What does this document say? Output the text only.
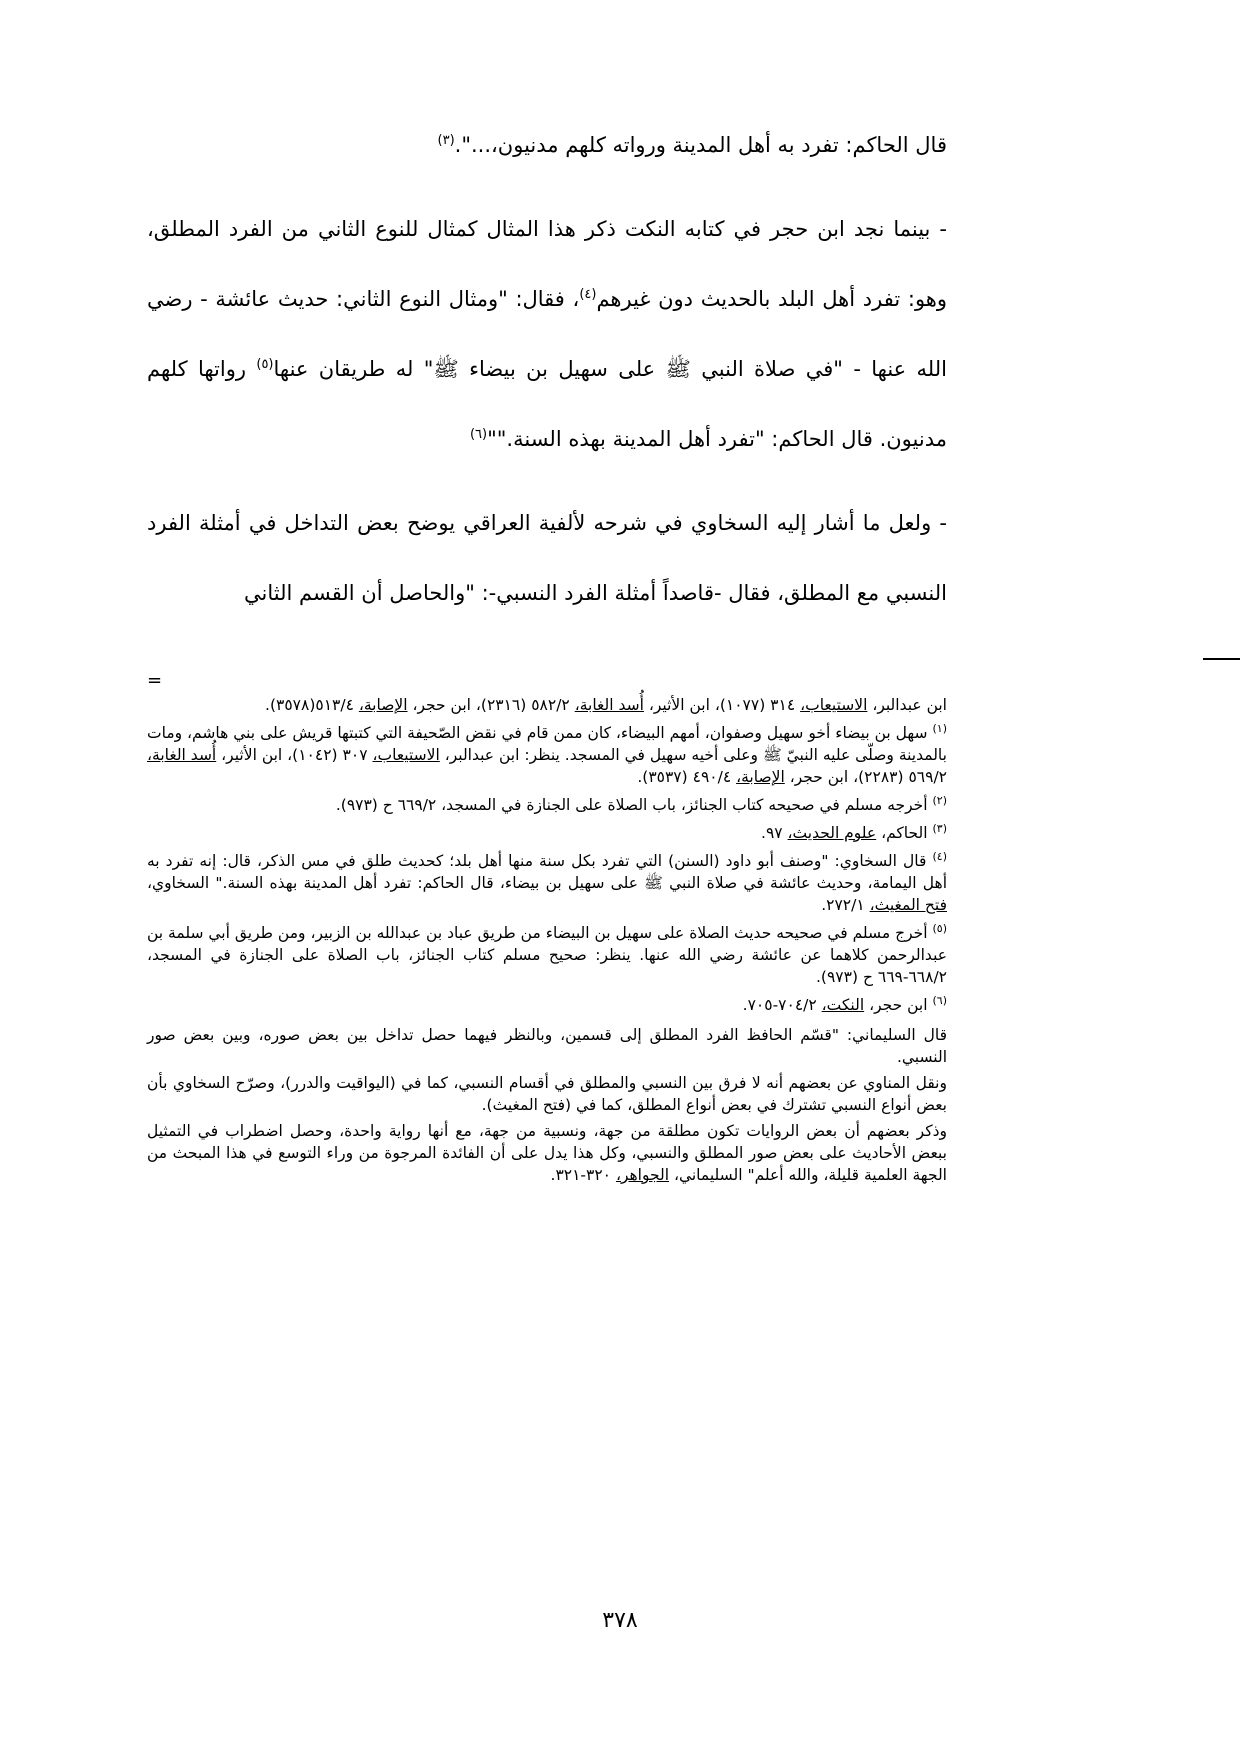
قال الحاكم: تفرد به أهل المدينة ورواته كلهم مدنيون،...".$^{(٣)}$

- بينما نجد ابن حجر في كتابه النكت ذكر هذا المثال كمثال للنوع الثاني من الفرد المطلق، وهو: تفرد أهل البلد بالحديث دون غيرهم$^{(٤)}$، فقال: "ومثال النوع الثاني: حديث عائشة - رضي الله عنها - "في صلاة النبي ﷺ على سهيل بن بيضاء ﷺ" له طريقان عنها$^{(٥)}$ رواتها كلهم مدنيون. قال الحاكم: "تفرد أهل المدينة بهذه السنة.""$^{(٦)}$

- ولعل ما أشار إليه السخاوي في شرحه لألفية العراقي يوضح بعض التداخل في أمثلة الفرد النسبي مع المطلق، فقال -قاصداً أمثلة الفرد النسبي-: "والحاصل أن القسم الثاني

=

ابن عبدالبر، الاستيعاب، ٣١٤ (١٠٧٧)، ابن الأثير، أُسد الغابة، ٥٨٢/٢ (٢٣١٦)، ابن حجر، الإصابة، ٥١٣/٤(٣٥٧٨).

$^{(١)}$ سهل بن بيضاء أخو سهيل وصفوان، أمهم البيضاء، كان ممن قام في نقض الصّحيفة التي كتبتها قريش على بني هاشم، ومات بالمدينة وصلّى عليه النبيّ ﷺ وعلى أخيه سهيل في المسجد. ينظر: ابن عبدالبر، الاستيعاب، ٣٠٧ (١٠٤٢)، ابن الأثير، أُسد الغابة، ٥٦٩/٢ (٢٢٨٣)، ابن حجر، الإصابة، ٤٩٠/٤ (٣٥٣٧).

$^{(٢)}$ أخرجه مسلم في صحيحه كتاب الجنائز، باب الصلاة على الجنازة في المسجد، ٦٦٩/٢ ح (٩٧٣).

$^{(٣)}$ الحاكم، علوم الحديث، ٩٧.

$^{(٤)}$ قال السخاوي: "وصنف أبو داود (السنن) التي تفرد بكل سنة منها أهل بلد؛ كحديث طلق في مس الذكر، قال: إنه تفرد به أهل اليمامة، وحديث عائشة في صلاة النبي ﷺ على سهيل بن بيضاء، قال الحاكم: تفرد أهل المدينة بهذه السنة." السخاوي، فتح المغيث، ٢٧٢/١.

$^{(٥)}$ أخرج مسلم في صحيحه حديث الصلاة على سهيل بن البيضاء من طريق عباد بن عبدالله بن الزبير، ومن طريق أبي سلمة بن عبدالرحمن كلاهما عن عائشة رضي الله عنها. ينظر: صحيح مسلم كتاب الجنائز، باب الصلاة على الجنازة في المسجد، ٦٦٨/٢-٦٦٩ ح (٩٧٣).

$^{(٦)}$ ابن حجر، النكت، ٧٠٤/٢-٧٠٥.

قال السليماني: "قسّم الحافظ الفرد المطلق إلى قسمين، وبالنظر فيهما حصل تداخل بين بعض صوره، وبين بعض صور النسبي.

ونقل المناوي عن بعضهم أنه لا فرق بين النسبي والمطلق في أقسام النسبي، كما في (اليواقيت والدرر)، وصرّح السخاوي بأن بعض أنواع النسبي تشترك في بعض أنواع المطلق، كما في (فتح المغيث).

وذكر بعضهم أن بعض الروايات تكون مطلقة من جهة، ونسبية من جهة، مع أنها رواية واحدة، وحصل اضطراب في التمثيل ببعض الأحاديث على بعض صور المطلق والنسبي، وكل هذا يدل على أن الفائدة المرجوة من وراء التوسع في هذا المبحث من الجهة العلمية قليلة، والله أعلم" السليماني، الجواهر، ٣٢٠-٣٢١.

٣٧٨
